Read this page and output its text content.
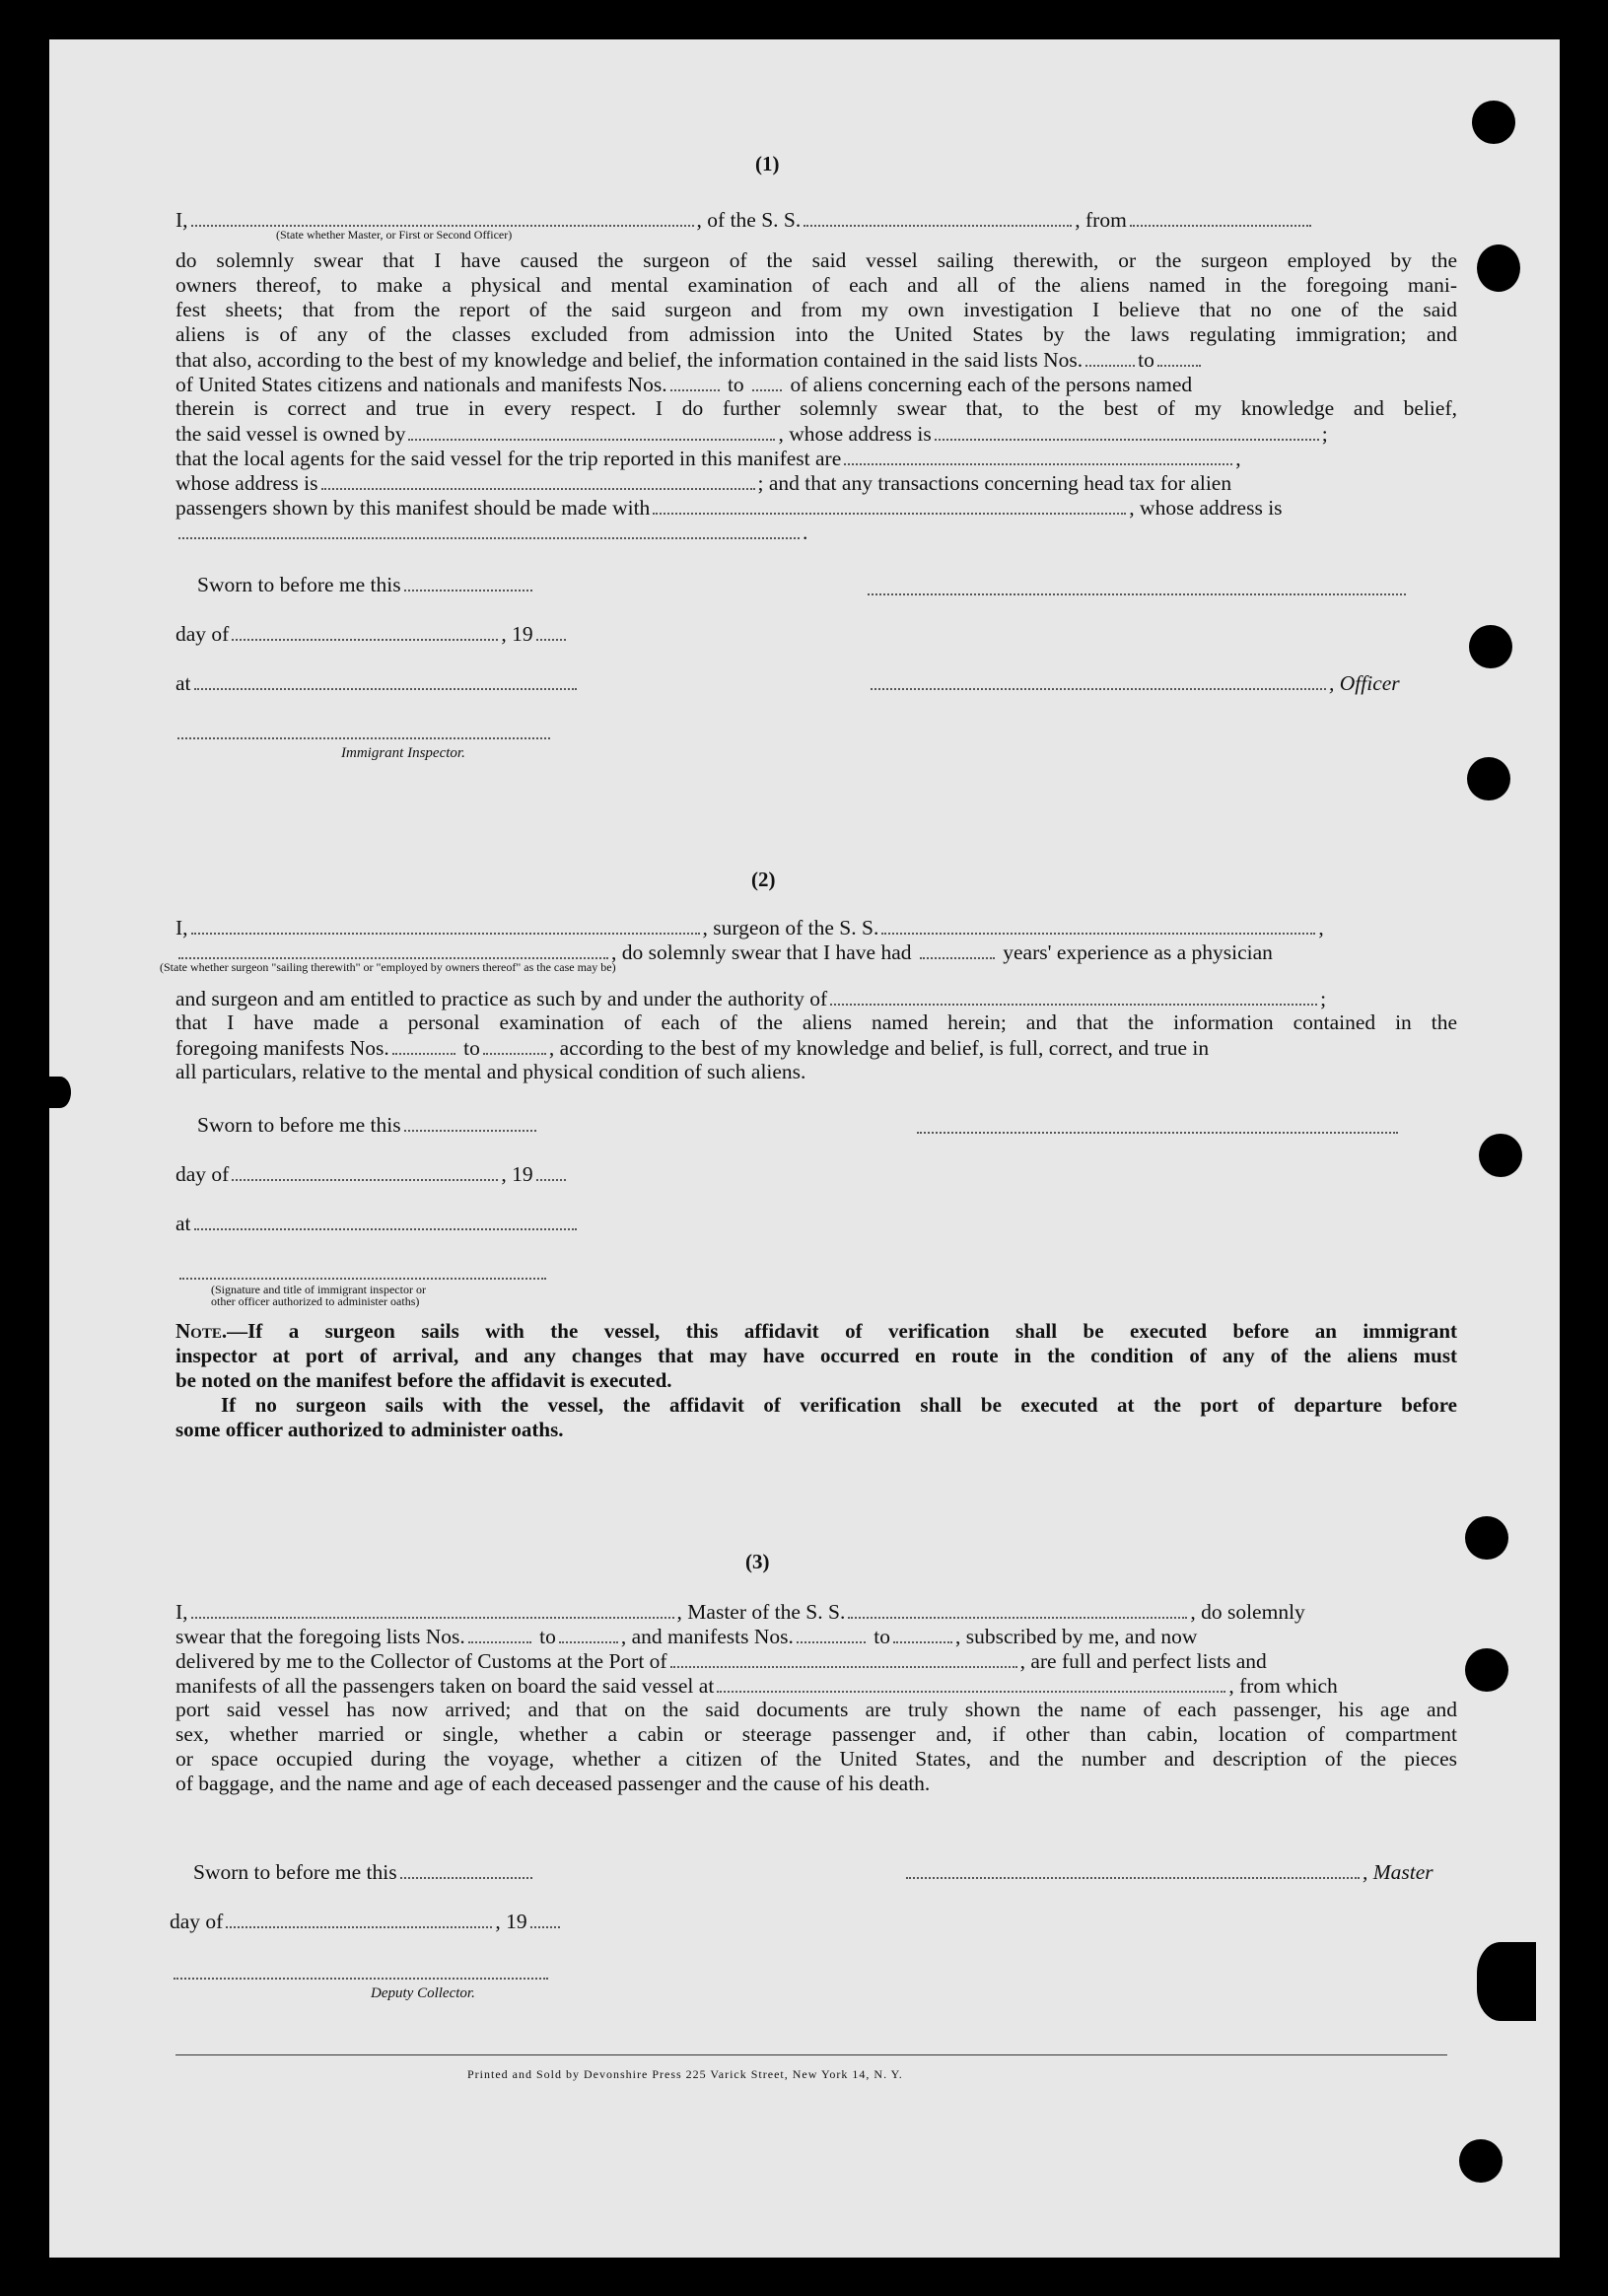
(1)
I,	, of the S. S.	, from
(State whether Master, or First or Second Officer)
do solemnly swear that I have caused the surgeon of the said vessel sailing therewith, or the surgeon employed by the
owners thereof, to make a physical and mental examination of each and all of the aliens named in the foregoing mani-
fest sheets; that from the report of the said surgeon and from my own investigation I believe that no one of the said
aliens is of any of the classes excluded from admission into the United States by the laws regulating immigration; and
that also, according to the best of my knowledge and belief, the information contained in the said lists Nos.	to
of United States citizens and nationals and manifests Nos.	to of aliens concerning each of the persons named
therein is correct and true in every respect. I do further solemnly swear that, to the best of my knowledge and belief,
the said vessel is owned by	, whose address is	;
that the local agents for the said vessel for the trip reported in this manifest are	,
whose address is	; and that any transactions concerning head tax for alien
passengers shown by this manifest should be made with	, whose address is
.
Sworn to before me this
day of	, 19
at	, Officer
Immigrant Inspector.
(2)
I,	, surgeon of the S. S.	,
, do solemnly swear that I have had	years' experience as a physician
(State whether surgeon "sailing therewith" or "employed by owners thereof" as the case may be)
and surgeon and am entitled to practice as such by and under the authority of	;
that I have made a personal examination of each of the aliens named herein; and that the information contained in the
foregoing manifests Nos.	to	, according to the best of my knowledge and belief, is full, correct, and true in
all particulars, relative to the mental and physical condition of such aliens.
Sworn to before me this
day of	, 19
at
(Signature and title of immigrant inspector or
other officer authorized to administer oaths)
Note.—If a surgeon sails with the vessel, this affidavit of verification shall be executed before an immigrant
inspector at port of arrival, and any changes that may have occurred en route in the condition of any of the aliens must
be noted on the manifest before the affidavit is executed.
If no surgeon sails with the vessel, the affidavit of verification shall be executed at the port of departure before
some officer authorized to administer oaths.
(3)
I,	, Master of the S. S.	, do solemnly
swear that the foregoing lists Nos.	to	, and manifests Nos.	to	, subscribed by me, and now
delivered by me to the Collector of Customs at the Port of	, are full and perfect lists and
manifests of all the passengers taken on board the said vessel at	, from which
port said vessel has now arrived; and that on the said documents are truly shown the name of each passenger, his age and
sex, whether married or single, whether a cabin or steerage passenger and, if other than cabin, location of compartment
or space occupied during the voyage, whether a citizen of the United States, and the number and description of the pieces
of baggage, and the name and age of each deceased passenger and the cause of his death.
Sworn to before me this	, Master
day of	, 19
Deputy Collector.
Printed and Sold by Devonshire Press 225 Varick Street, New York 14, N. Y.
